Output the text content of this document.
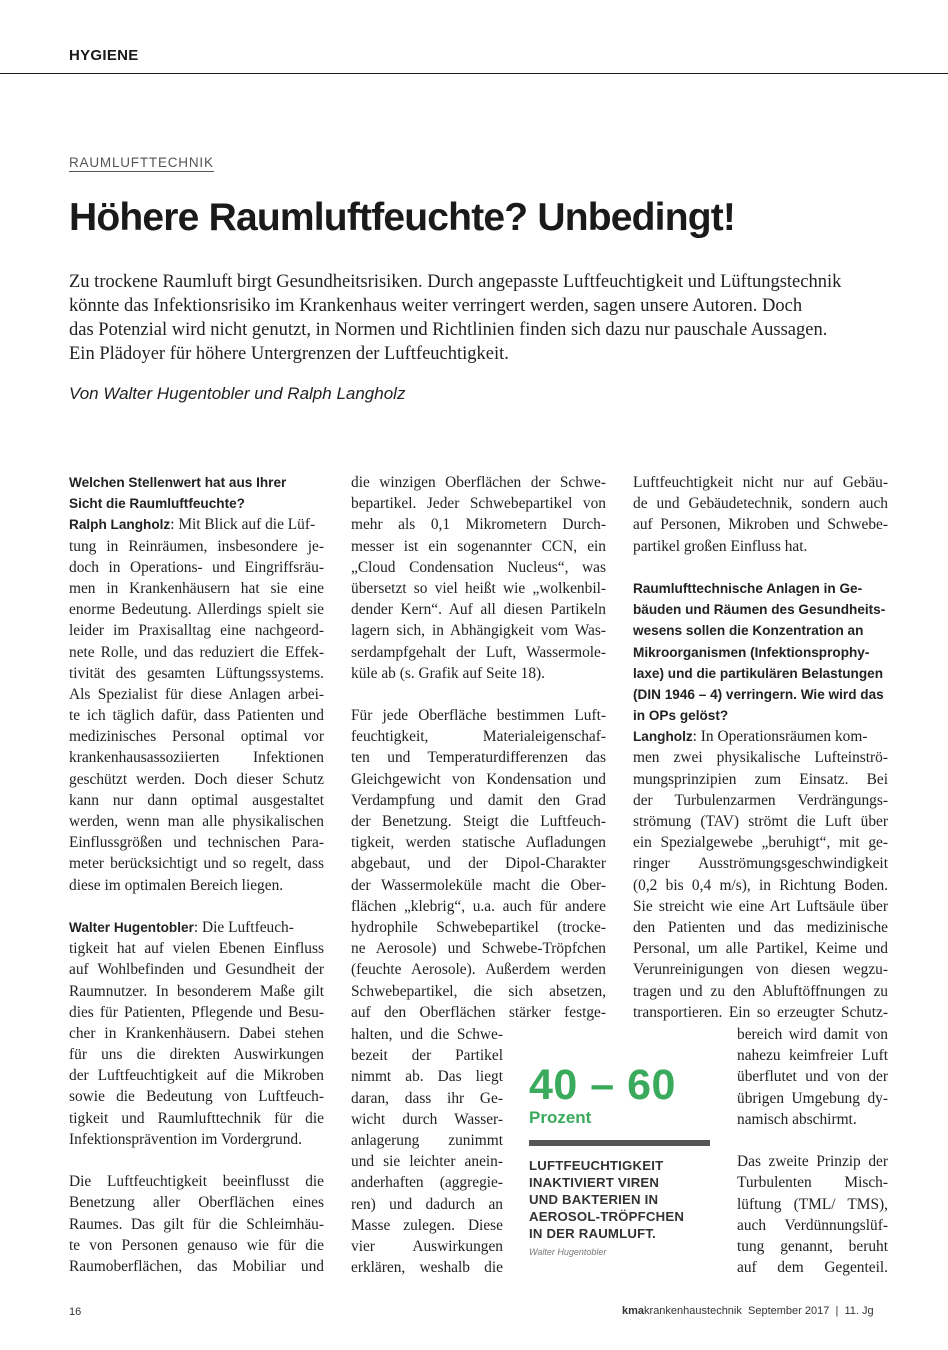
HYGIENE
RAUMLUFTTECHNIK
Höhere Raumluftfeuchte? Unbedingt!
Zu trockene Raumluft birgt Gesundheitsrisiken. Durch angepasste Luftfeuchtigkeit und Lüftungstechnik
könnte das Infektionsrisiko im Krankenhaus weiter verringert werden, sagen unsere Autoren. Doch
das Potenzial wird nicht genutzt, in Normen und Richtlinien finden sich dazu nur pauschale Aussagen.
Ein Plädoyer für höhere Untergrenzen der Luftfeuchtigkeit.
Von Walter Hugentobler und Ralph Langholz
Welchen Stellenwert hat aus Ihrer
Sicht die Raumluftfeuchte?
Ralph Langholz: Mit Blick auf die Lüf-
tung in Reinräumen, insbesondere je-
doch in Operations- und Eingriffsräu-
men in Krankenhäusern hat sie eine
enorme Bedeutung. Allerdings spielt sie
leider im Praxisalltag eine nachgeord-
nete Rolle, und das reduziert die Effek-
tivität des gesamten Lüftungssystems.
Als Spezialist für diese Anlagen arbei-
te ich täglich dafür, dass Patienten und
medizinisches Personal optimal vor
krankenhausassoziierten Infektionen
geschützt werden. Doch dieser Schutz
kann nur dann optimal ausgestaltet
werden, wenn man alle physikalischen
Einflussgrößen und technischen Para-
meter berücksichtigt und so regelt, dass
diese im optimalen Bereich liegen.
Walter Hugentobler: Die Luftfeuch-
tigkeit hat auf vielen Ebenen Einfluss
auf Wohlbefinden und Gesundheit der
Raumnutzer. In besonderem Maße gilt
dies für Patienten, Pflegende und Besu-
cher in Krankenhäusern. Dabei stehen
für uns die direkten Auswirkungen
der Luftfeuchtigkeit auf die Mikroben
sowie die Bedeutung von Luftfeuch-
tigkeit und Raumlufttechnik für die
Infektionsprävention im Vordergrund.
Die Luftfeuchtigkeit beeinflusst die
Benetzung aller Oberflächen eines
Raumes. Das gilt für die Schleimhäu-
te von Personen genauso wie für die
Raumoberflächen, das Mobiliar und
die winzigen Oberflächen der Schwe-
bepartikel. Jeder Schwebepartikel von
mehr als 0,1 Mikrometern Durch-
messer ist ein sogenannter CCN, ein
„Cloud Condensation Nucleus“, was
übersetzt so viel heißt wie „wolkenbil-
dender Kern“. Auf all diesen Partikeln
lagern sich, in Abhängigkeit vom Was-
serdampfgehalt der Luft, Wassermole-
küle ab (s. Grafik auf Seite 18).
Für jede Oberfläche bestimmen Luft-
feuchtigkeit, Materialeigenschaf-
ten und Temperaturdifferenzen das
Gleichgewicht von Kondensation und
Verdampfung und damit den Grad
der Benetzung. Steigt die Luftfeuch-
tigkeit, werden statische Aufladungen
abgebaut, und der Dipol-Charakter
der Wassermoleküle macht die Ober-
flächen „klebrig“, u.a. auch für andere
hydrophile Schwebepartikel (trocke-
ne Aerosole) und Schwebe-Tröpfchen
(feuchte Aerosole). Außerdem werden
Schwebepartikel, die sich absetzen,
auf den Oberflächen stärker festge-
halten, und die Schwe-
bezeit der Partikel
nimmt ab. Das liegt
daran, dass ihr Ge-
wicht durch Wasser-
anlagerung zunimmt
und sie leichter anein-
anderhaften (aggregie-
ren) und dadurch an
Masse zulegen. Diese
vier Auswirkungen
erklären, weshalb die
Luftfeuchtigkeit nicht nur auf Gebäu-
de und Gebäudetechnik, sondern auch
auf Personen, Mikroben und Schwebe-
partikel großen Einfluss hat.
Raumlufttechnische Anlagen in Ge-
bäuden und Räumen des Gesundheits-
wesens sollen die Konzentration an
Mikroorganismen (Infektionsprophy-
laxe) und die partikulären Belastungen
(DIN 1946 – 4) verringern. Wie wird das
in OPs gelöst?
Langholz: In Operationsräumen kom-
men zwei physikalische Lufteinströ-
mungsprinzipien zum Einsatz. Bei
der Turbulenzarmen Verdrängungs-
strömung (TAV) strömt die Luft über
ein Spezialgewebe „beruhigt“, mit ge-
ringer Ausströmungsgeschwindigkeit
(0,2 bis 0,4 m/s), in Richtung Boden.
Sie streicht wie eine Art Luftsäule über
den Patienten und das medizinische
Personal, um alle Partikel, Keime und
Verunreinigungen von diesen wegzu-
tragen und zu den Abluftöffnungen zu
transportieren. Ein so erzeugter Schutz-
bereich wird damit von
nahezu keimfreier Luft
überflutet und von der
übrigen Umgebung dy-
namisch abschirmt.
Das zweite Prinzip der
Turbulenten Misch-
lüftung (TML/ TMS),
auch Verdünnungslüf-
tung genannt, beruht
auf dem Gegenteil.
40 – 60
Prozent
LUFTFEUCHTIGKEIT
INAKTIVIERT VIREN
UND BAKTERIEN IN
AEROSOL-TRÖPFCHEN
IN DER RAUMLUFT.
Walter Hugentobler
16	kmakrankenhaustechnik September 2017 | 11. Jg
